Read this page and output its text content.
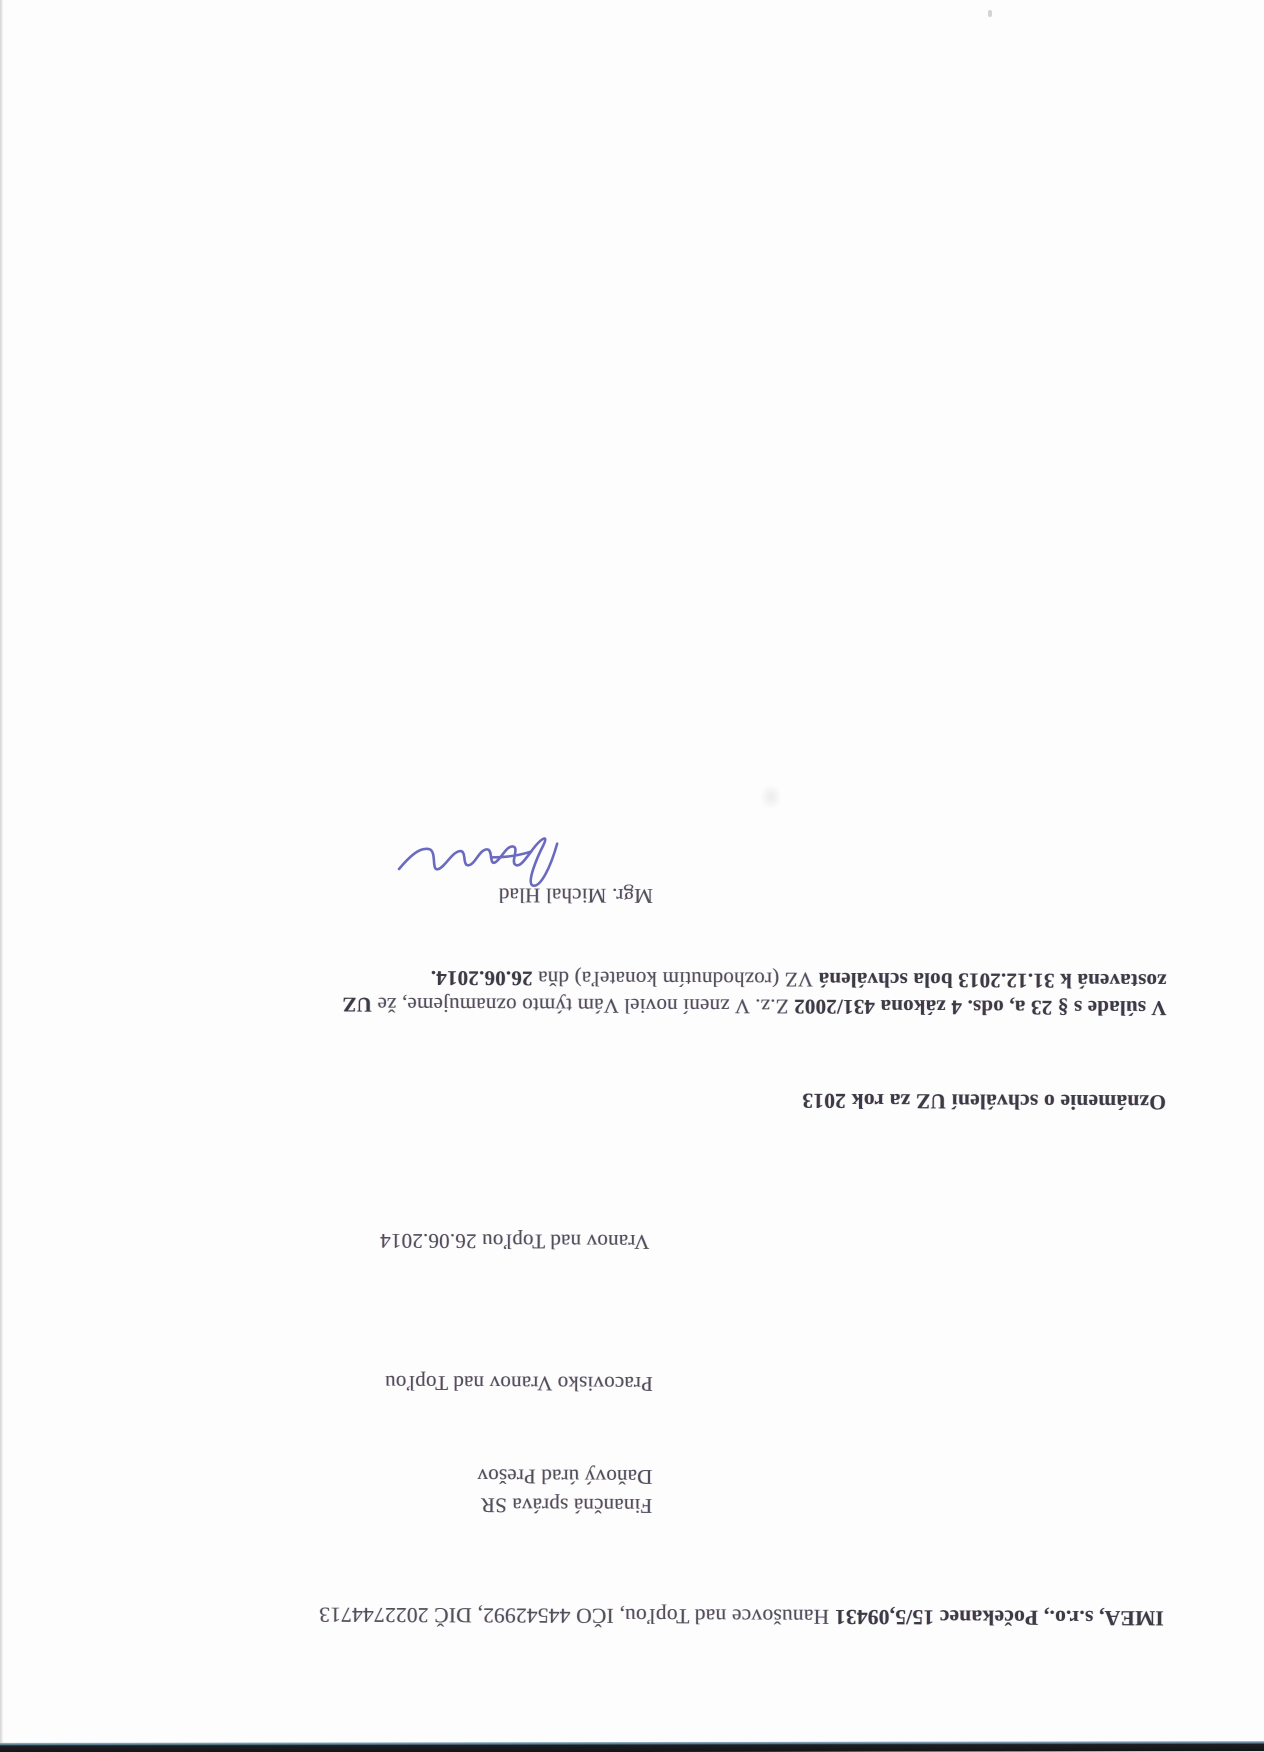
IMEA, s.r.o., Počekanec 15/5,09431 Hanušovce nad Topľou, IČO 44542992, DIČ 2022744713
Finančná správa SR
Daňový úrad Prešov
Pracovisko Vranov nad Topľou
Vranov nad Topľou 26.06.2014
Oznámenie o schválení UZ za rok 2013
V súlade s § 23 a, ods. 4 zákona 431/2002 Z.z. V znení noviel Vám týmto oznamujeme, že UZ
zostavená k 31.12.2013 bola schválená VZ (rozhodnutím konateľa) dňa 26.06.2014.
Mgr. Michal Hlad
